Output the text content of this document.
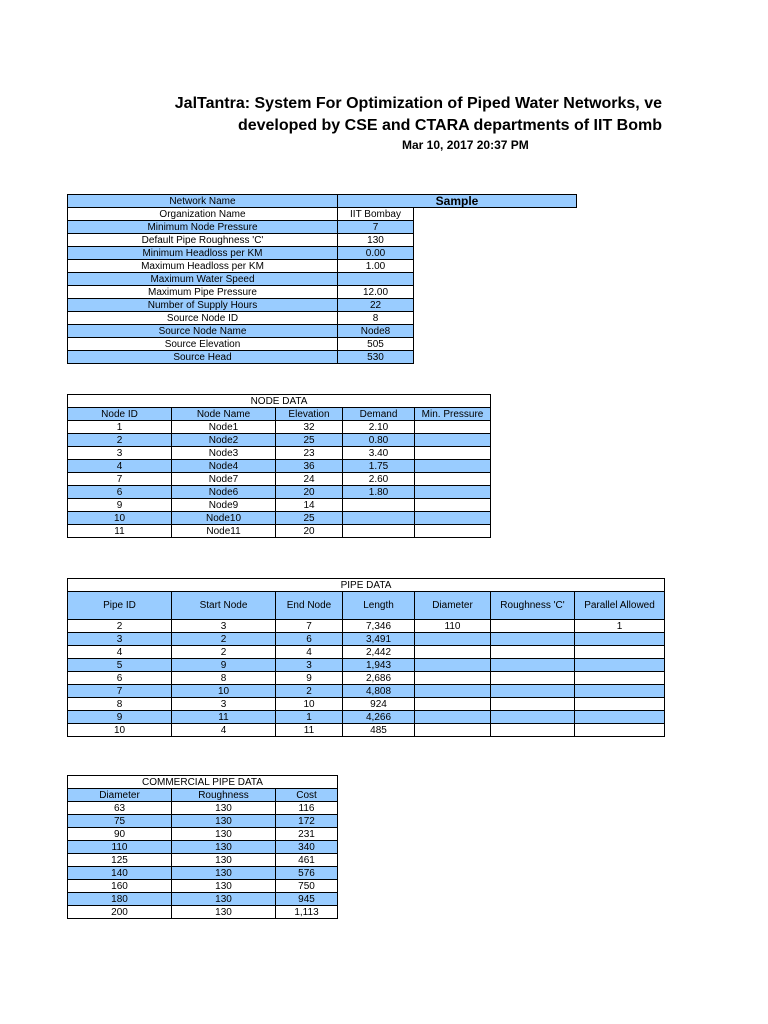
JalTantra: System For Optimization of Piped Water Networks, ve
developed by CSE and CTARA departments of IIT Bomb
Mar 10, 2017 20:37 PM
Network Name	Sample	
Organization Name	IIT Bombay	
Minimum Node Pressure	7	
Default Pipe Roughness 'C'	130	
Minimum Headloss per KM	0.00	
Maximum Headloss per KM	1.00	
Maximum Water Speed		
Maximum Pipe Pressure	12.00	
Number of Supply Hours	22	
Source Node ID	8	
Source Node Name	Node8	
Source Elevation	505	
Source Head	530	
NODE DATA				
Node ID	Node Name	Elevation	Demand	Min. Pressure
1	Node1	32	2.10	
2	Node2	25	0.80	
3	Node3	23	3.40	
4	Node4	36	1.75	
7	Node7	24	2.60	
6	Node6	20	1.80	
9	Node9	14		
10	Node10	25		
11	Node11	20		
PIPE DATA						
Pipe ID	Start Node	End Node	Length	Diameter	Roughness 'C'	Parallel Allowed
2	3	7	7,346	110		1
3	2	6	3,491			
4	2	4	2,442			
5	9	3	1,943			
6	8	9	2,686			
7	10	2	4,808			
8	3	10	924			
9	11	1	4,266			
10	4	11	485			
COMMERCIAL PIPE DATA		
Diameter	Roughness	Cost
63	130	116
75	130	172
90	130	231
110	130	340
125	130	461
140	130	576
160	130	750
180	130	945
200	130	1,113
